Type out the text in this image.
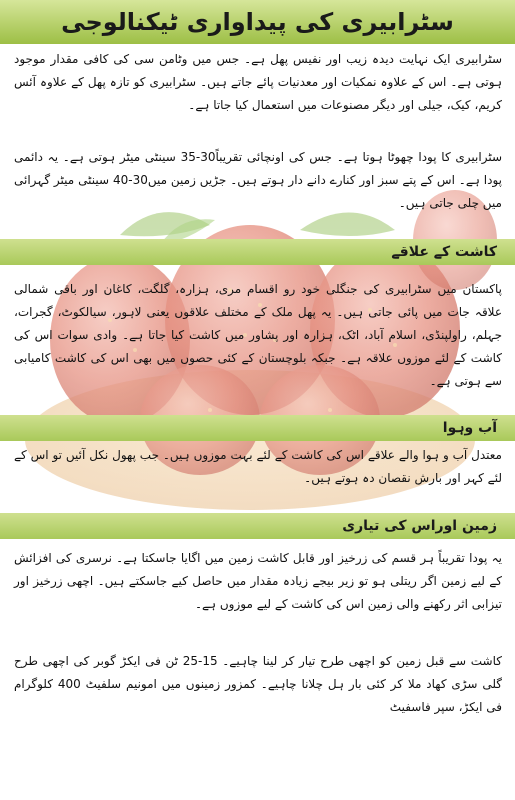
سٹرابیری کی پیداواری ٹیکنالوجی
سٹرابیری ایک نہایت دیدہ زیب اور نفیس پھل ہے۔ جس میں وٹامن سی کی کافی مقدار موجود ہوتی ہے۔ اس کے علاوہ نمکیات اور معدنیات پائے جاتے ہیں۔ سٹرابیری کو تازہ پھل کے علاوہ آئس کریم، کیک، جیلی اور دیگر مصنوعات میں استعمال کیا جاتا ہے۔
سٹرابیری کا پودا چھوٹا ہوتا ہے۔ جس کی اونچائی تقریباً30-35 سینٹی میٹر ہوتی ہے۔ یہ دائمی پودا ہے۔ اس کے پتے سبز اور کنارے دانے دار ہوتے ہیں۔ جڑیں زمین میں30-40 سینٹی میٹر گہرائی میں چلی جاتی ہیں۔
کاشت کے علاقے
پاکستان میں سٹرابیری کی جنگلی خود رو اقسام مری، ہزارہ، گلگت، کاغان اور باقی شمالی علاقہ جات میں پائی جاتی ہیں۔ یہ پھل ملک کے مختلف علاقوں یعنی لاہور، سیالکوٹ، گجرات، جہلم، راولپنڈی، اسلام آباد، اٹک، ہزارہ اور پشاور میں کاشت کیا جاتا ہے۔ وادی سوات اس کی کاشت کے لئے موزوں علاقہ ہے۔ جبکہ بلوچستان کے کئی حصوں میں بھی اس کی کاشت کامیابی سے ہوتی ہے۔
آب وہوا
معتدل آب و ہوا والے علاقے اس کی کاشت کے لئے بہت موزوں ہیں۔ جب پھول نکل آئیں تو اس کے لئے کہر اور بارش نقصان دہ ہوتے ہیں۔
زمین اوراس کی تیاری
یہ پودا تقریباً ہر قسم کی زرخیز اور قابل کاشت زمین میں اگایا جاسکتا ہے۔ نرسری کی افزائش کے لیے زمین اگر ریتلی ہو تو زیر بیجے زیادہ مقدار میں حاصل کیے جاسکتے ہیں۔ اچھی زرخیز اور تیزابی اثر رکھنے والی زمین اس کی کاشت کے لیے موزوں ہے۔
کاشت سے قبل زمین کو اچھی طرح تیار کر لینا چاہیے۔ 15-25 ٹن فی ایکڑ گوبر کی اچھی طرح گلی سڑی کھاد ملا کر کئی بار ہل چلانا چاہیے۔ کمزور زمینوں میں امونیم سلفیٹ 400 کلوگرام فی ایکڑ، سپر فاسفیٹ
